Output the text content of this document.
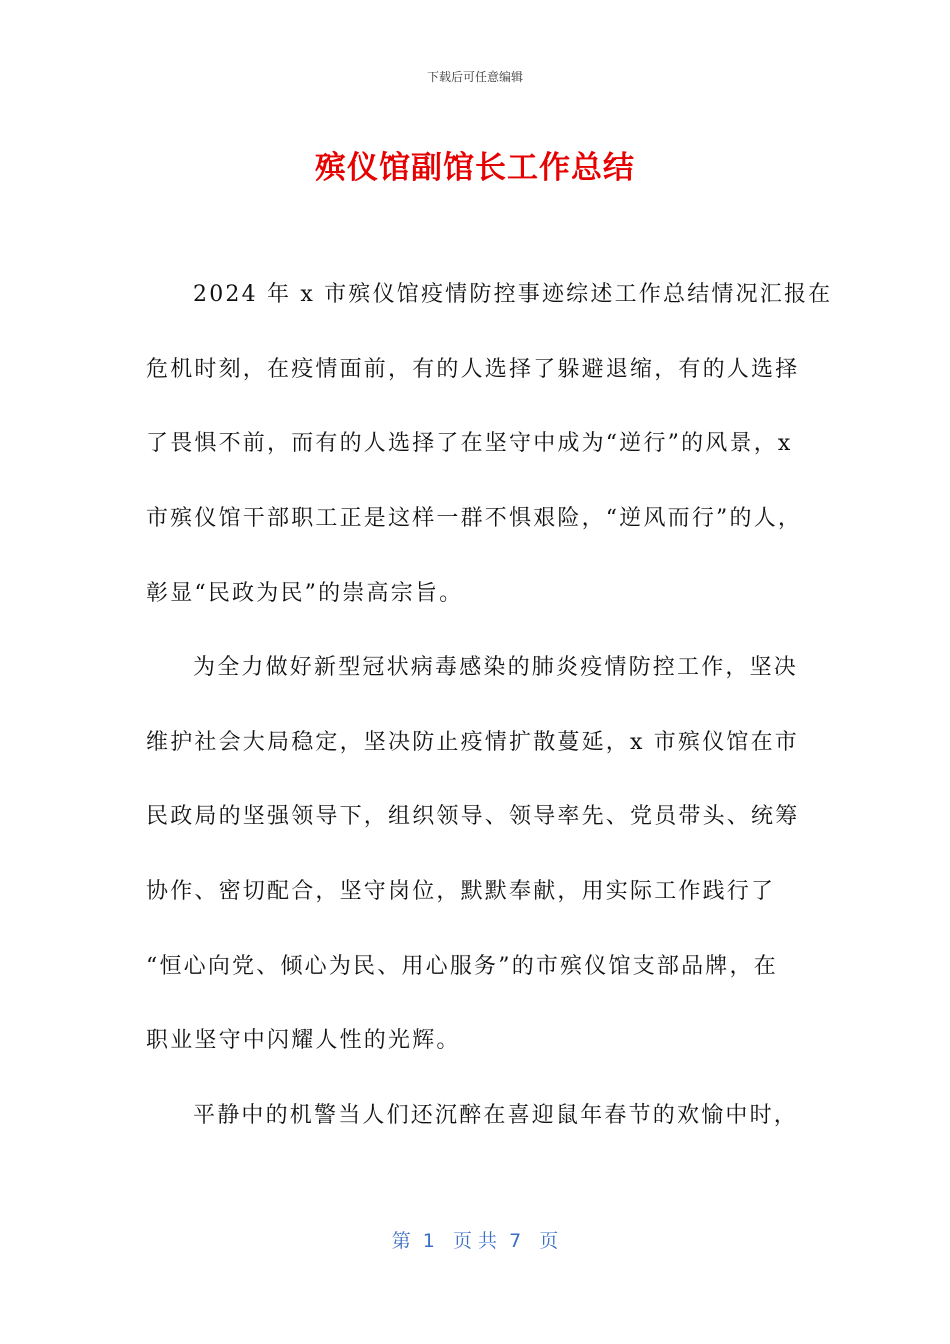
下载后可任意编辑
殡仪馆副馆长工作总结
2024 年 x 市殡仪馆疫情防控事迹综述工作总结情况汇报在
危机时刻，在疫情面前，有的人选择了躲避退缩，有的人选择
了畏惧不前，而有的人选择了在坚守中成为“逆行”的风景，x
市殡仪馆干部职工正是这样一群不惧艰险，“逆风而行”的人，
彰显“民政为民”的崇高宗旨。
为全力做好新型冠状病毒感染的肺炎疫情防控工作，坚决
维护社会大局稳定，坚决防止疫情扩散蔓延，x 市殡仪馆在市
民政局的坚强领导下，组织领导、领导率先、党员带头、统筹
协作、密切配合，坚守岗位，默默奉献，用实际工作践行了
“恒心向党、倾心为民、用心服务”的市殡仪馆支部品牌，在
职业坚守中闪耀人性的光辉。
平静中的机警当人们还沉醉在喜迎鼠年春节的欢愉中时，
第  1   页 共  7   页
